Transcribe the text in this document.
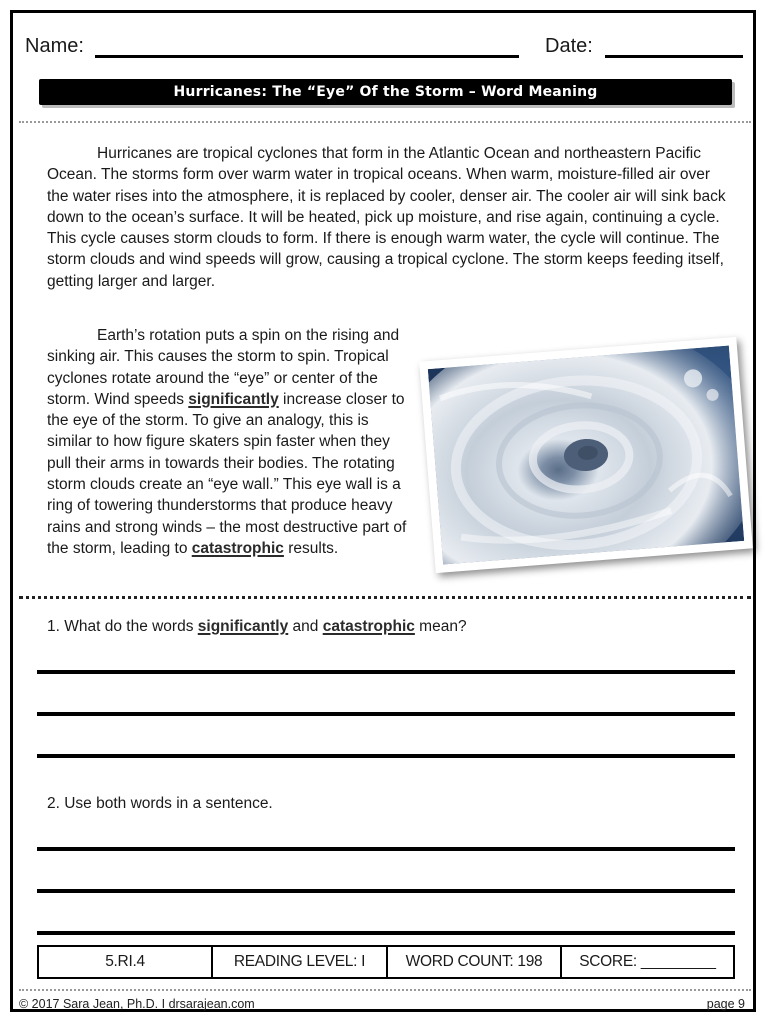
Name:	Date:
Hurricanes: The “Eye” Of the Storm – Word Meaning

Hurricanes are tropical cyclones that form in the Atlantic Ocean and northeastern Pacific Ocean. The storms form over warm water in tropical oceans. When warm, moisture-filled air over the water rises into the atmosphere, it is replaced by cooler, denser air. The cooler air will sink back down to the ocean’s surface. It will be heated, pick up moisture, and rise again, continuing a cycle. This cycle causes storm clouds to form. If there is enough warm water, the cycle will continue. The storm clouds and wind speeds will grow, causing a tropical cyclone. The storm keeps feeding itself, getting larger and larger.

Earth’s rotation puts a spin on the rising and sinking air. This causes the storm to spin. Tropical cyclones rotate around the “eye” or center of the storm. Wind speeds significantly increase closer to the eye of the storm. To give an analogy, this is similar to how figure skaters spin faster when they pull their arms in towards their bodies. The rotating storm clouds create an “eye wall.” This eye wall is a ring of towering thunderstorms that produce heavy rains and strong winds – the most destructive part of the storm, leading to catastrophic results.

1. What do the words significantly and catastrophic mean?
2. Use both words in a sentence.
5.RI.4	READING LEVEL: I	WORD COUNT: 198	SCORE: _________
© 2017 Sara Jean, Ph.D. I drsarajean.com	page 9
